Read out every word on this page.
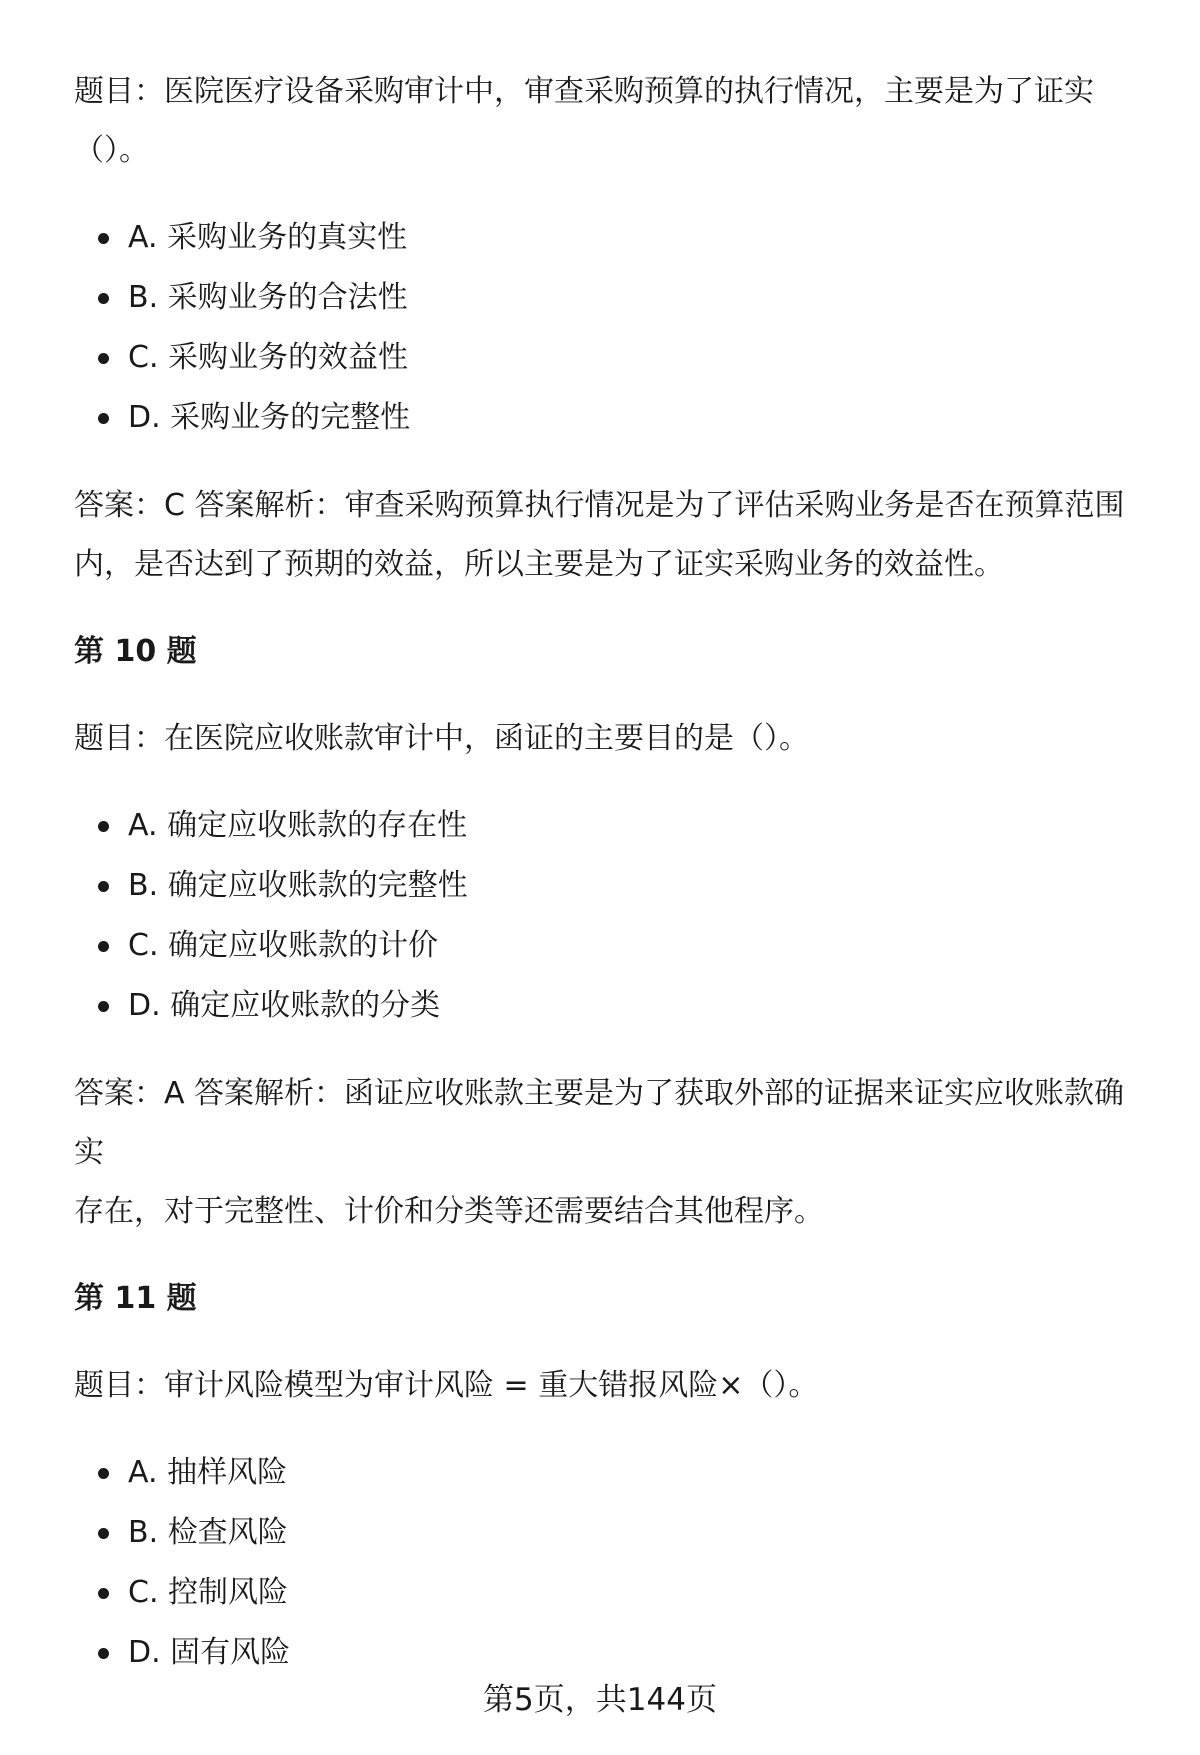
题目：医院医疗设备采购审计中，审查采购预算的执行情况，主要是为了证实

（）。

A. 采购业务的真实性
B. 采购业务的合法性
C. 采购业务的效益性
D. 采购业务的完整性

答案：C 答案解析：审查采购预算执行情况是为了评估采购业务是否在预算范围

内，是否达到了预期的效益，所以主要是为了证实采购业务的效益性。

第 10 题

题目：在医院应收账款审计中，函证的主要目的是（）。

A. 确定应收账款的存在性
B. 确定应收账款的完整性
C. 确定应收账款的计价
D. 确定应收账款的分类

答案：A 答案解析：函证应收账款主要是为了获取外部的证据来证实应收账款确实

存在，对于完整性、计价和分类等还需要结合其他程序。

第 11 题

题目：审计风险模型为审计风险 = 重大错报风险×（）。

A. 抽样风险
B. 检查风险
C. 控制风险
D. 固有风险
第5页，共144页
